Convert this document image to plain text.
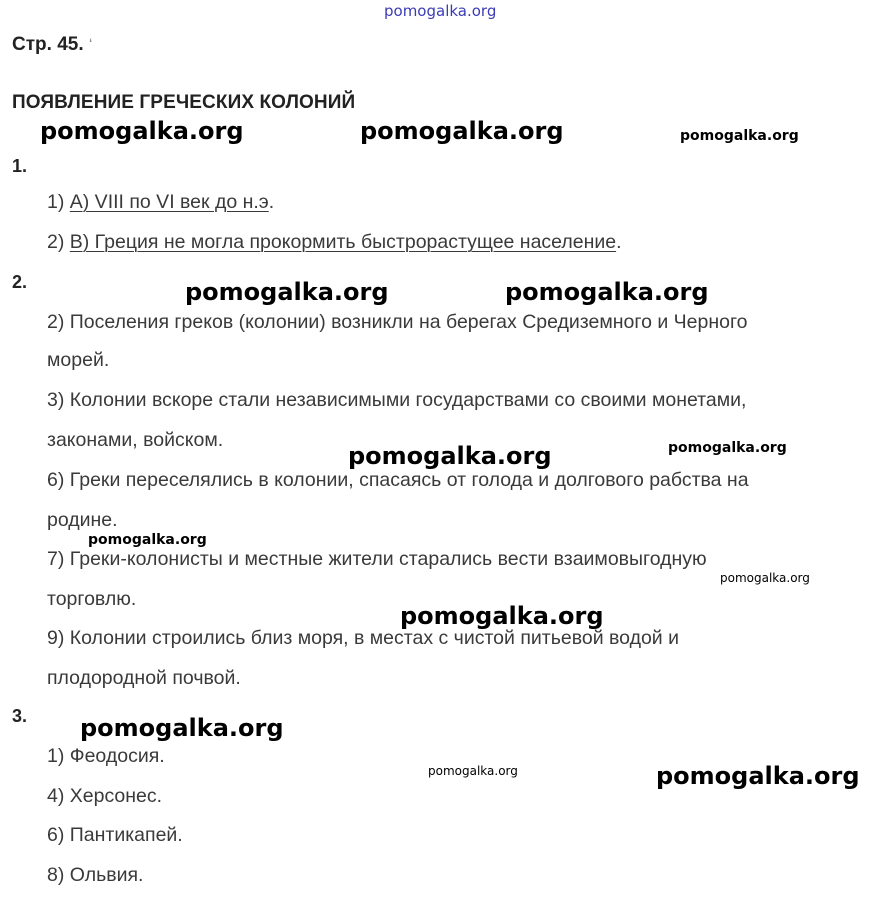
pomogalka.org
Стр. 45. ʻ
ПОЯВЛЕНИЕ ГРЕЧЕСКИХ КОЛОНИЙ
1.
1) А) VIII по VI век до н.э.
2) В) Греция не могла прокормить быстрорастущее население.
2.
2) Поселения греков (колонии) возникли на берегах Средиземного и Черного
морей.
3) Колонии вскоре стали независимыми государствами со своими монетами,
законами, войском.
6) Греки переселялись в колонии, спасаясь от голода и долгового рабства на
родине.
7) Греки-колонисты и местные жители старались вести взаимовыгодную
торговлю.
9) Колонии строились близ моря, в местах с чистой питьевой водой и
плодородной почвой.
3.
1) Феодосия.
4) Херсонес.
6) Пантикапей.
8) Ольвия.
pomogalka.org	pomogalka.org	pomogalka.org
pomogalka.org	pomogalka.org
pomogalka.org	pomogalka.org
pomogalka.org
pomogalka.org
pomogalka.org
pomogalka.org
pomogalka.org	pomogalka.org
